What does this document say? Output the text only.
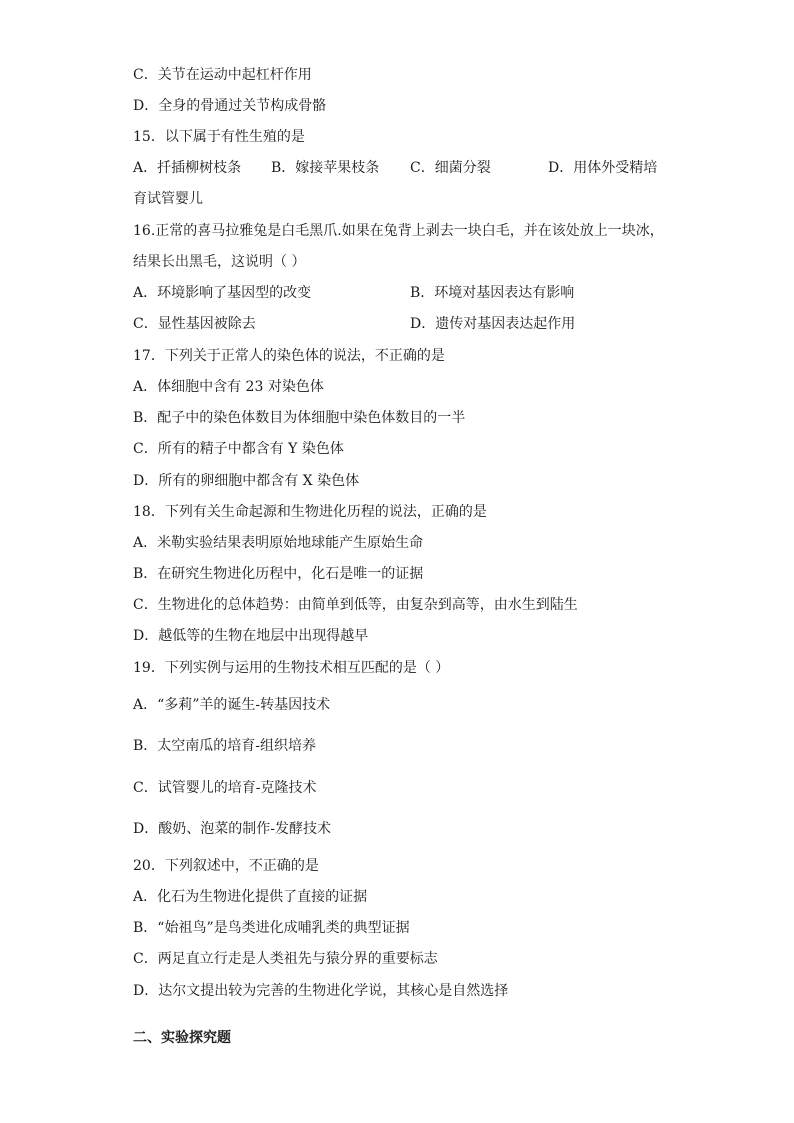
C．关节在运动中起杠杆作用
D．全身的骨通过关节构成骨骼
15．以下属于有性生殖的是
A．扦插柳树枝条 B．嫁接苹果枝条 C．细菌分裂	D．用体外受精培
育试管婴儿
16.正常的喜马拉雅兔是白毛黑爪.如果在兔背上剥去一块白毛，并在该处放上一块冰，
结果长出黑毛，这说明（ ）
A．环境影响了基因型的改变	B．环境对基因表达有影响
C．显性基因被除去	D．遗传对基因表达起作用
17．下列关于正常人的染色体的说法，不正确的是
A．体细胞中含有 23 对染色体
B．配子中的染色体数目为体细胞中染色体数目的一半
C．所有的精子中都含有 Y 染色体
D．所有的卵细胞中都含有 X 染色体
18．下列有关生命起源和生物进化历程的说法，正确的是
A．米勒实验结果表明原始地球能产生原始生命
B．在研究生物进化历程中，化石是唯一的证据
C．生物进化的总体趋势：由简单到低等，由复杂到高等，由水生到陆生
D．越低等的生物在地层中出现得越早
19．下列实例与运用的生物技术相互匹配的是（ ）
A．“多莉”羊的诞生-转基因技术
B．太空南瓜的培育-组织培养
C．试管婴儿的培育-克隆技术
D．酸奶、泡菜的制作-发酵技术
20．下列叙述中，不正确的是
A．化石为生物进化提供了直接的证据
B．“始祖鸟”是鸟类进化成哺乳类的典型证据
C．两足直立行走是人类祖先与猿分界的重要标志
D．达尔文提出较为完善的生物进化学说，其核心是自然选择
二、实验探究题
